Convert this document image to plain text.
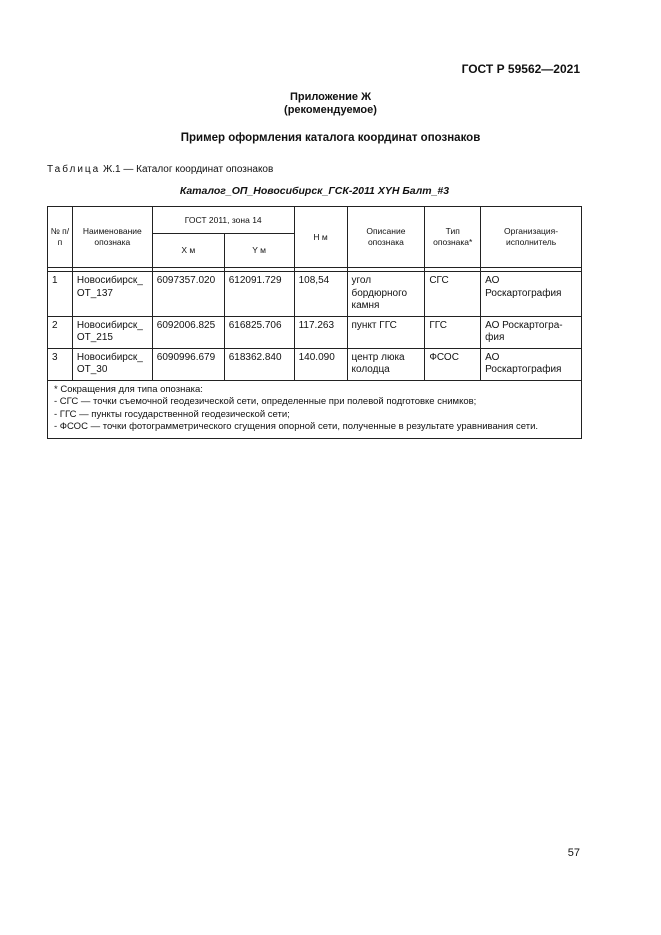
ГОСТ Р 59562—2021
Приложение Ж
(рекомендуемое)
Пример оформления каталога координат опознаков
Таблица Ж.1 — Каталог координат опознаков
Каталог_ОП_Новосибирск_ГСК-2011 XYH Балт_#3
№ п/п	Наименование опознака	ГОСТ 2011, зона 14		H м	Описание опознака	Тип опознака*	Организация-исполнитель
		X м	Y м				

1	Новосибирск_ ОТ_137	6097357.020	612091.729	108,54	угол бордюрного камня	СГС	АО Роскартография
2	Новосибирск_ ОТ_215	6092006.825	616825.706	117.263	пункт ГГС	ГГС	АО Роскартогра-фия
3	Новосибирск_ ОТ_30	6090996.679	618362.840	140.090	центр люка колодца	ФСОС	АО Роскартография

* Сокращения для типа опознака:
- СГС — точки съемочной геодезической сети, определенные при полевой подготовке снимков;
- ГГС — пункты государственной геодезической сети;
- ФСОС — точки фотограмметрического сгущения опорной сети, полученные в результате уравнивания сети.							
57
